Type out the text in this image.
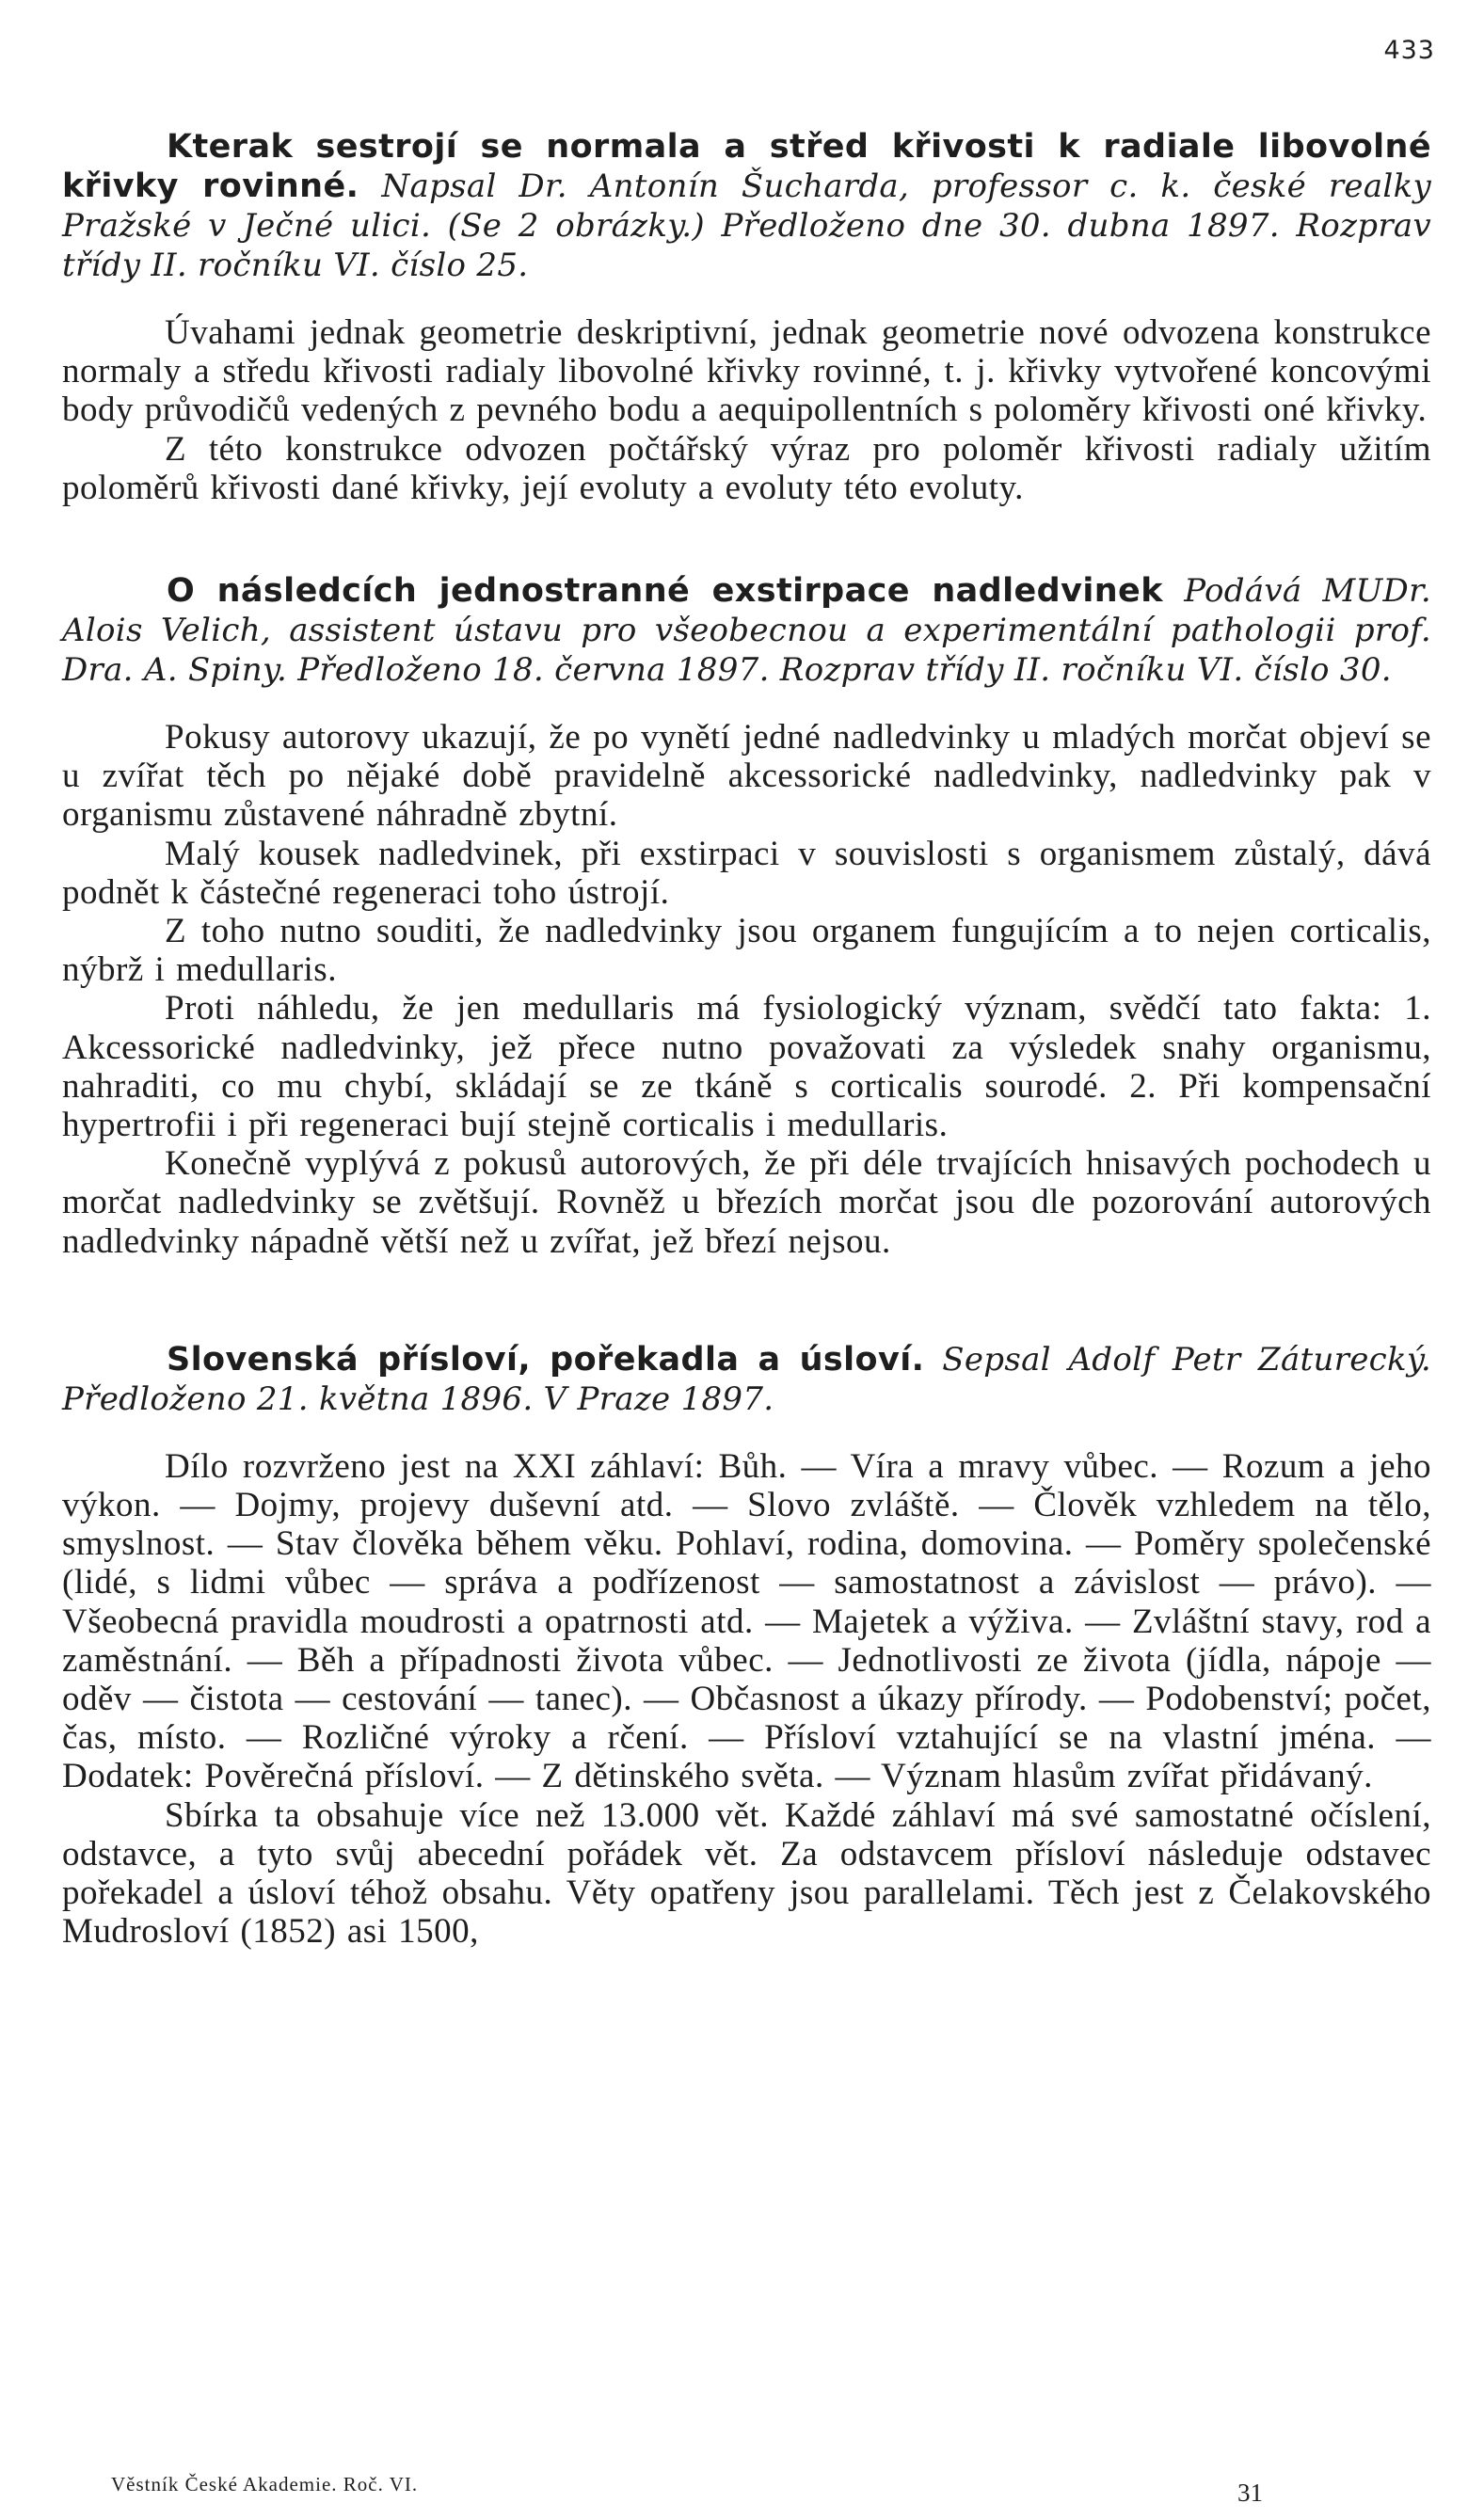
433

Kterak sestrojí se normala a střed křivosti k radiale libovolné křivky rovinné. Napsal Dr. Antonín Šucharda, professor c. k. české realky Pražské v Ječné ulici. (Se 2 obrázky.) Předloženo dne 30. dubna 1897. Rozprav třídy II. ročníku VI. číslo 25.

Úvahami jednak geometrie deskriptivní, jednak geometrie nové odvozena konstrukce normaly a středu křivosti radialy libovolné křivky rovinné, t. j. křivky vytvořené koncovými body průvodičů vedených z pevného bodu a aequipollentních s poloměry křivosti oné křivky.

Z této konstrukce odvozen počtářský výraz pro poloměr křivosti radialy užitím poloměrů křivosti dané křivky, její evoluty a evoluty této evoluty.

O následcích jednostranné exstirpace nadledvinek Podává MUDr. Alois Velich, assistent ústavu pro všeobecnou a experimentální pathologii prof. Dra. A. Spiny. Předloženo 18. června 1897. Rozprav třídy II. ročníku VI. číslo 30.

Pokusy autorovy ukazují, že po vynětí jedné nadledvinky u mladých morčat objeví se u zvířat těch po nějaké době pravidelně akcessorické nadledvinky, nadledvinky pak v organismu zůstavené náhradně zbytní.

Malý kousek nadledvinek, při exstirpaci v souvislosti s organismem zůstalý, dává podnět k částečné regeneraci toho ústrojí.

Z toho nutno souditi, že nadledvinky jsou organem fungujícím a to nejen corticalis, nýbrž i medullaris.

Proti náhledu, že jen medullaris má fysiologický význam, svědčí tato fakta: 1. Akcessorické nadledvinky, jež přece nutno považovati za výsledek snahy organismu, nahraditi, co mu chybí, skládají se ze tkáně s corticalis sourodé. 2. Při kompensační hypertrofii i při regeneraci bují stejně corticalis i medullaris.

Konečně vyplývá z pokusů autorových, že při déle trvajících hnisavých pochodech u morčat nadledvinky se zvětšují. Rovněž u březích morčat jsou dle pozorování autorových nadledvinky nápadně větší než u zvířat, jež březí nejsou.

Slovenská přísloví, pořekadla a úsloví. Sepsal Adolf Petr Záturecký. Předloženo 21. května 1896. V Praze 1897.

Dílo rozvrženo jest na XXI záhlaví: Bůh. — Víra a mravy vůbec. — Rozum a jeho výkon. — Dojmy, projevy duševní atd. — Slovo zvláště. — Člověk vzhledem na tělo, smyslnost. — Stav člověka během věku. Pohlaví, rodina, domovina. — Poměry společenské (lidé, s lidmi vůbec — správa a podřízenost — samostatnost a závislost — právo). — Všeobecná pravidla moudrosti a opatrnosti atd. — Majetek a výživa. — Zvláštní stavy, rod a zaměstnání. — Běh a případnosti života vůbec. — Jednotlivosti ze života (jídla, nápoje — oděv — čistota — cestování — tanec). — Občasnost a úkazy přírody. — Podobenství; počet, čas, místo. — Rozličné výroky a rčení. — Přísloví vztahující se na vlastní jména. — Dodatek: Pověrečná přísloví. — Z dětinského světa. — Význam hlasům zvířat přidávaný.

Sbírka ta obsahuje více než 13.000 vět. Každé záhlaví má své samostatné očíslení, odstavce, a tyto svůj abecední pořádek vět. Za odstavcem přísloví následuje odstavec pořekadel a úsloví téhož obsahu. Věty opatřeny jsou parallelami. Těch jest z Čelakovského Mudrosloví (1852) asi 1500,

Věstník České Akademie. Roč. VI.	31
